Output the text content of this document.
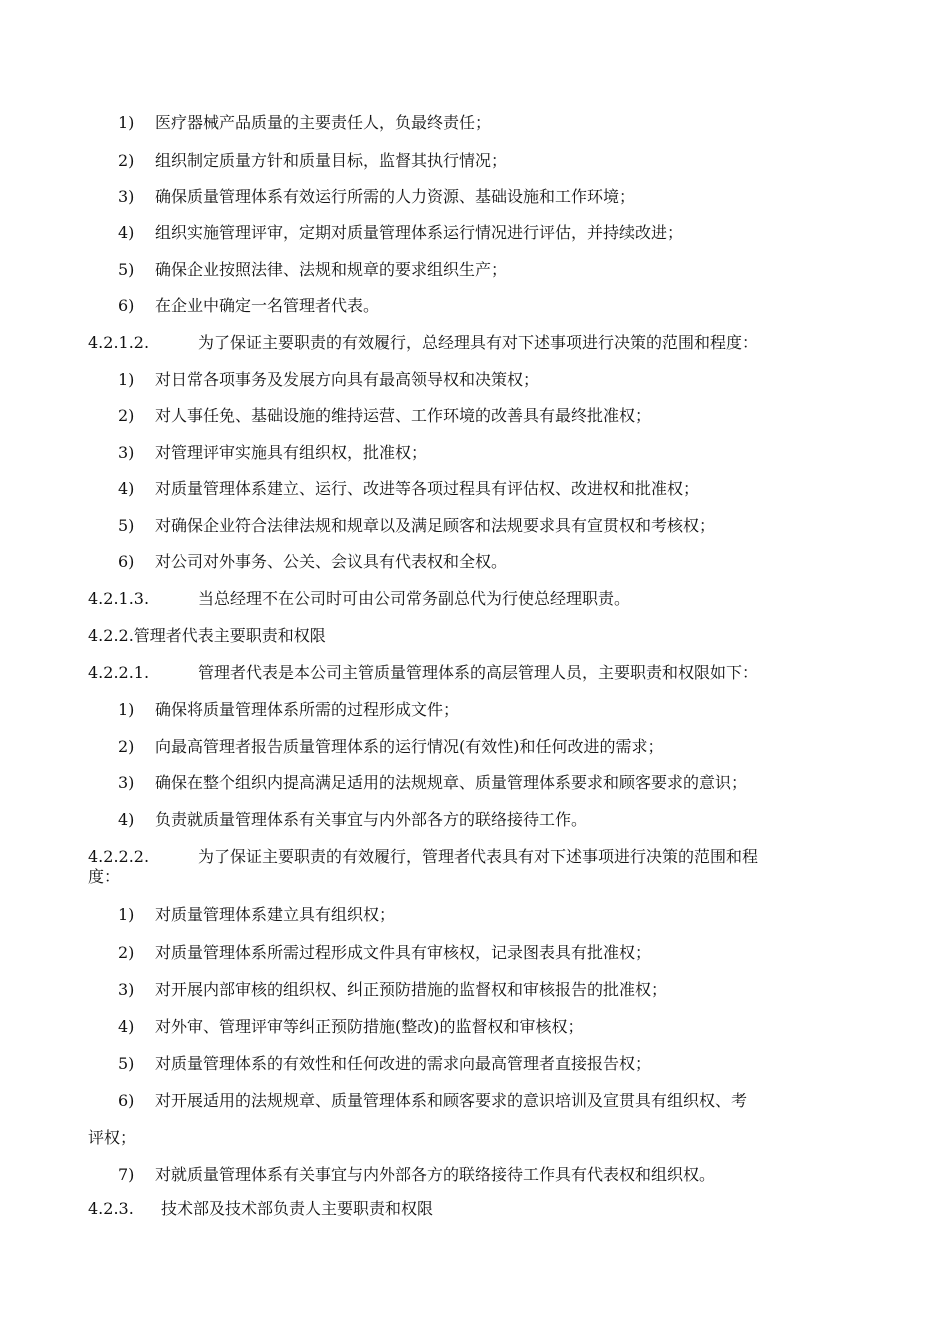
1) 医疗器械产品质量的主要责任人，负最终责任；
2) 组织制定质量方针和质量目标，监督其执行情况；
3) 确保质量管理体系有效运行所需的人力资源、基础设施和工作环境；
4) 组织实施管理评审，定期对质量管理体系运行情况进行评估，并持续改进；
5) 确保企业按照法律、法规和规章的要求组织生产；
6) 在企业中确定一名管理者代表。
4.2.1.2.	为了保证主要职责的有效履行，总经理具有对下述事项进行决策的范围和程度：
1) 对日常各项事务及发展方向具有最高领导权和决策权；
2) 对人事任免、基础设施的维持运营、工作环境的改善具有最终批准权；
3) 对管理评审实施具有组织权，批准权；
4) 对质量管理体系建立、运行、改进等各项过程具有评估权、改进权和批准权；
5) 对确保企业符合法律法规和规章以及满足顾客和法规要求具有宣贯权和考核权；
6) 对公司对外事务、公关、会议具有代表权和全权。
4.2.1.3.	当总经理不在公司时可由公司常务副总代为行使总经理职责。
4.2.2.管理者代表主要职责和权限
4.2.2.1.	管理者代表是本公司主管质量管理体系的高层管理人员，主要职责和权限如下：
1) 确保将质量管理体系所需的过程形成文件；
2) 向最高管理者报告质量管理体系的运行情况(有效性)和任何改进的需求；
3) 确保在整个组织内提高满足适用的法规规章、质量管理体系要求和顾客要求的意识；
4) 负责就质量管理体系有关事宜与内外部各方的联络接待工作。
4.2.2.2.	为了保证主要职责的有效履行，管理者代表具有对下述事项进行决策的范围和程
度：
1) 对质量管理体系建立具有组织权；
2) 对质量管理体系所需过程形成文件具有审核权，记录图表具有批准权；
3) 对开展内部审核的组织权、纠正预防措施的监督权和审核报告的批准权；
4) 对外审、管理评审等纠正预防措施(整改)的监督权和审核权；
5) 对质量管理体系的有效性和任何改进的需求向最高管理者直接报告权；
6) 对开展适用的法规规章、质量管理体系和顾客要求的意识培训及宣贯具有组织权、考
评权；
7) 对就质量管理体系有关事宜与内外部各方的联络接待工作具有代表权和组织权。
4.2.3. 技术部及技术部负责人主要职责和权限
